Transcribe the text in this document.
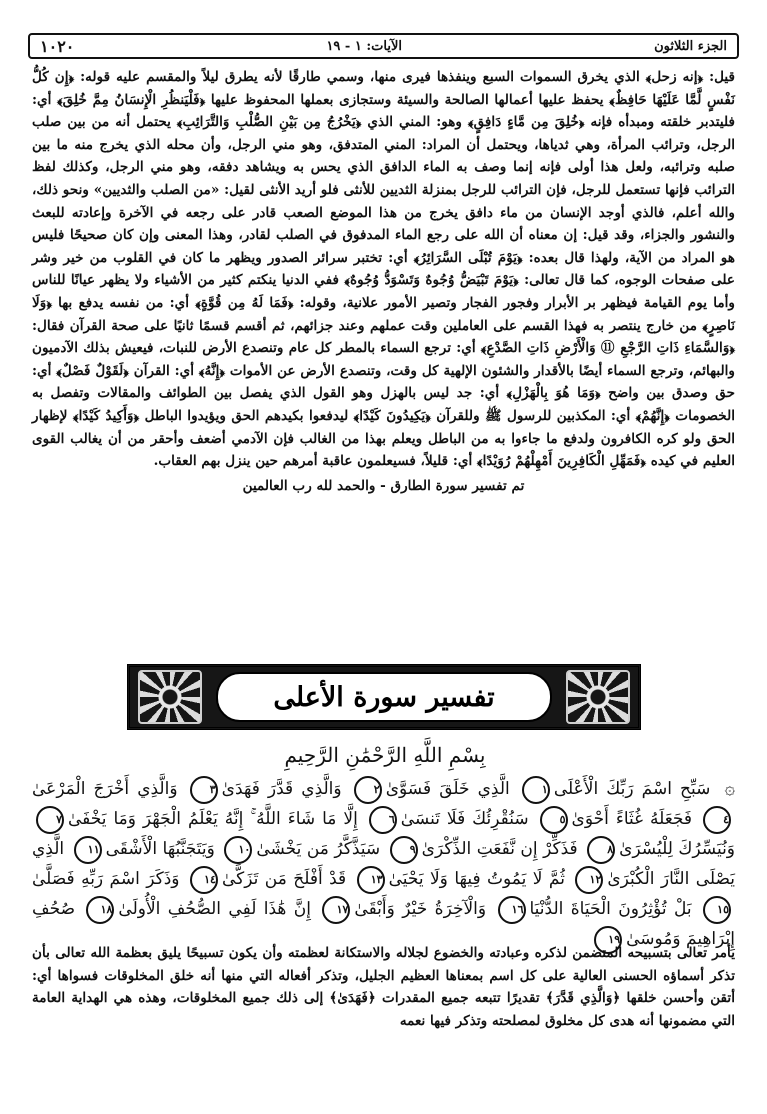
١٠٢٠	الآيات: ١ - ١٩	الجزء الثلاثون

قيل: ﴿إنه زحل﴾ الذي يخرق السموات السبع وينفذها فيرى منها، وسمي طارقًا لأنه يطرق ليلاً والمقسم عليه قوله: ﴿إِن كُلُّ نَفْسٍ لَّمَّا عَلَيْهَا حَافِظٌ﴾ يحفظ عليها أعمالها الصالحة والسيئة وستجازى بعملها المحفوظ عليها ﴿فَلْيَنظُرِ الْإِنسَانُ مِمَّ خُلِقَ﴾ أي: فليتدبر خلقته ومبدأه فإنه ﴿خُلِقَ مِن مَّاءٍ دَافِقٍ﴾ وهو: المني الذي ﴿يَخْرُجُ مِن بَيْنِ الصُّلْبِ وَالتَّرَائِبِ﴾ يحتمل أنه من بين صلب الرجل، وترائب المرأة، وهي ثدياها، ويحتمل أن المراد: المني المتدفق، وهو مني الرجل، وأن محله الذي يخرج منه ما بين صلبه وترائبه، ولعل هذا أولى فإنه إنما وصف به الماء الدافق الذي يحس به ويشاهد دفقه، وهو مني الرجل، وكذلك لفظ الترائب فإنها تستعمل للرجل، فإن الترائب للرجل بمنزلة الثديين للأنثى فلو أريد الأنثى لقيل: «من الصلب والثديين» ونحو ذلك، والله أعلم، فالذي أوجد الإنسان من ماء دافق يخرج من هذا الموضع الصعب قادر على رجعه في الآخرة وإعادته للبعث والنشور والجزاء، وقد قيل: إن معناه أن الله على رجع الماء المدفوق في الصلب لقادر، وهذا المعنى وإن كان صحيحًا فليس هو المراد من الآية، ولهذا قال بعده: ﴿يَوْمَ تُبْلَى السَّرَائِرُ﴾ أي: تختبر سرائر الصدور ويظهر ما كان في القلوب من خير وشر على صفحات الوجوه، كما قال تعالى: ﴿يَوْمَ تَبْيَضُّ وُجُوهٌ وَتَسْوَدُّ وُجُوهٌ﴾ ففي الدنيا ينكتم كثير من الأشياء ولا يظهر عيانًا للناس وأما يوم القيامة فيظهر بر الأبرار وفجور الفجار وتصير الأمور علانية، وقوله: ﴿فَمَا لَهُ مِن قُوَّةٍ﴾ أي: من نفسه يدفع بها ﴿وَلَا نَاصِرٍ﴾ من خارج ينتصر به فهذا القسم على العاملين وقت عملهم وعند جزائهم، ثم أقسم قسمًا ثانيًا على صحة القرآن فقال: ﴿وَالسَّمَاءِ ذَاتِ الرَّجْعِ ⑪ وَالْأَرْضِ ذَاتِ الصَّدْعِ﴾ أي: ترجع السماء بالمطر كل عام وتنصدع الأرض للنبات، فيعيش بذلك الآدميون والبهائم، وترجع السماء أيضًا بالأقدار والشئون الإلهية كل وقت، وتنصدع الأرض عن الأموات ﴿إِنَّهُ﴾ أي: القرآن ﴿لَقَوْلٌ فَصْلٌ﴾ أي: حق وصدق بين واضح ﴿وَمَا هُوَ بِالْهَزْلِ﴾ أي: جد ليس بالهزل وهو القول الذي يفصل بين الطوائف والمقالات وتفصل به الخصومات ﴿إِنَّهُمْ﴾ أي: المكذبين للرسول ﷺ وللقرآن ﴿يَكِيدُونَ كَيْدًا﴾ ليدفعوا بكيدهم الحق ويؤيدوا الباطل ﴿وَأَكِيدُ كَيْدًا﴾ لإظهار الحق ولو كره الكافرون ولدفع ما جاءوا به من الباطل ويعلم بهذا من الغالب فإن الآدمي أضعف وأحقر من أن يغالب القوى العليم في كيده ﴿فَمَهِّلِ الْكَافِرِينَ أَمْهِلْهُمْ رُوَيْدًا﴾ أي: قليلاً، فسيعلمون عاقبة أمرهم حين ينزل بهم العقاب.

تم تفسير سورة الطارق - والحمد لله رب العالمين

تفسير سورة الأعلى
بِسْمِ اللَّهِ الرَّحْمَٰنِ الرَّحِيمِ
۞ سَبِّحِ اسْمَ رَبِّكَ الْأَعْلَى١ الَّذِي خَلَقَ فَسَوَّىٰ٢ وَالَّذِي قَدَّرَ فَهَدَىٰ٣ وَالَّذِي أَخْرَجَ الْمَرْعَىٰ٤ فَجَعَلَهُ غُثَاءً أَحْوَىٰ٥ سَنُقْرِئُكَ فَلَا تَنسَىٰ٦ إِلَّا مَا شَاءَ اللَّهُ ۚ إِنَّهُ يَعْلَمُ الْجَهْرَ وَمَا يَخْفَىٰ٧ وَنُيَسِّرُكَ لِلْيُسْرَىٰ٨ فَذَكِّرْ إِن نَّفَعَتِ الذِّكْرَىٰ٩ سَيَذَّكَّرُ مَن يَخْشَىٰ١٠ وَيَتَجَنَّبُهَا الْأَشْقَى١١ الَّذِي يَصْلَى النَّارَ الْكُبْرَىٰ١٢ ثُمَّ لَا يَمُوتُ فِيهَا وَلَا يَحْيَىٰ١٣ قَدْ أَفْلَحَ مَن تَزَكَّىٰ١٤ وَذَكَرَ اسْمَ رَبِّهِ فَصَلَّىٰ١٥ بَلْ تُؤْثِرُونَ الْحَيَاةَ الدُّنْيَا١٦ وَالْآخِرَةُ خَيْرٌ وَأَبْقَىٰ١٧ إِنَّ هَٰذَا لَفِي الصُّحُفِ الْأُولَىٰ١٨ صُحُفِ إِبْرَاهِيمَ وَمُوسَىٰ١٩

يأمر تعالى بتسبيحه المتضمن لذكره وعبادته والخضوع لجلاله والاستكانة لعظمته وأن يكون تسبيحًا يليق بعظمة الله تعالى بأن تذكر أسماؤه الحسنى العالية على كل اسم بمعناها العظيم الجليل، وتذكر أفعاله التي منها أنه خلق المخلوقات فسواها أي: أتقن وأحسن خلقها ﴿وَالَّذِي قَدَّرَ﴾ تقديرًا تتبعه جميع المقدرات ﴿فَهَدَىٰ﴾ إلى ذلك جميع المخلوقات، وهذه هي الهداية العامة التي مضمونها أنه هدى كل مخلوق لمصلحته وتذكر فيها نعمه
